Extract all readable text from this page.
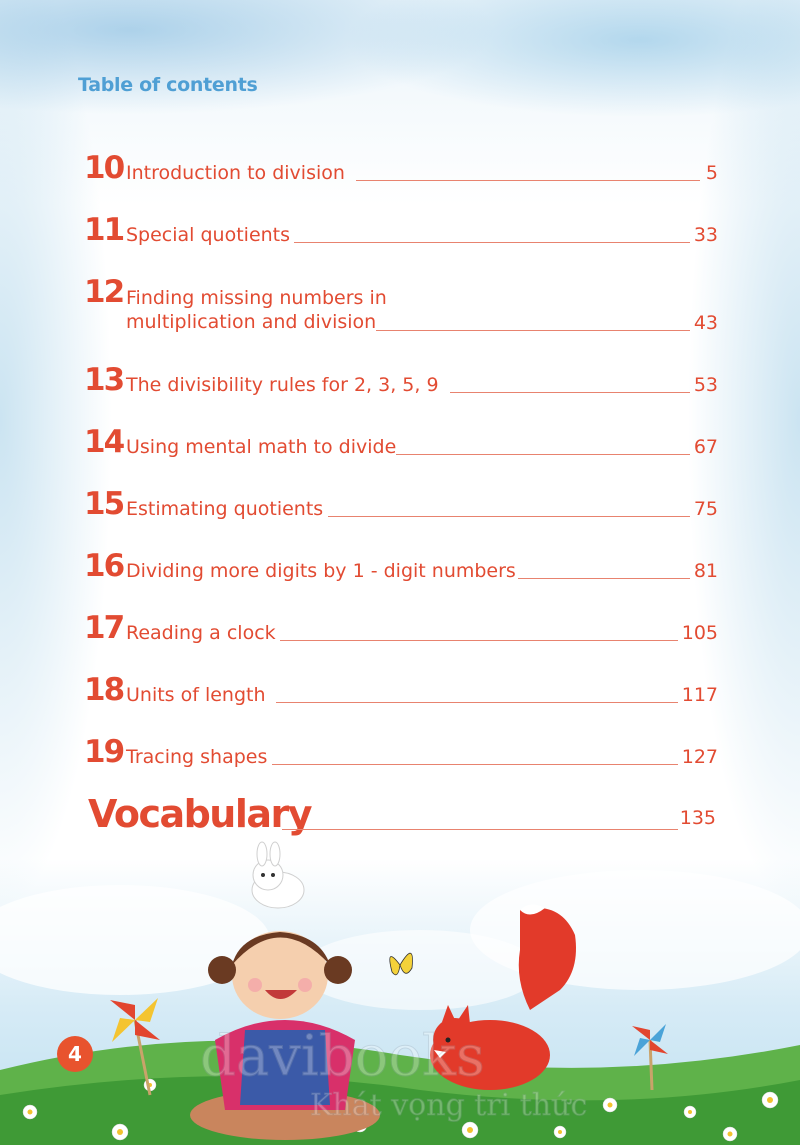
Table of contents
10 Introduction to division	5
11 Special quotients	33
12 Finding missing numbers in
multiplication and division	43
13 The divisibility rules for 2, 3, 5, 9	53
14 Using mental math to divide	67
15 Estimating quotients	75
16 Dividing more digits by 1 - digit numbers	81
17 Reading a clock	105
18 Units of length	117
19 Tracing shapes	127
Vocabulary	135
davibooks
Khát vọng tri thức
4
